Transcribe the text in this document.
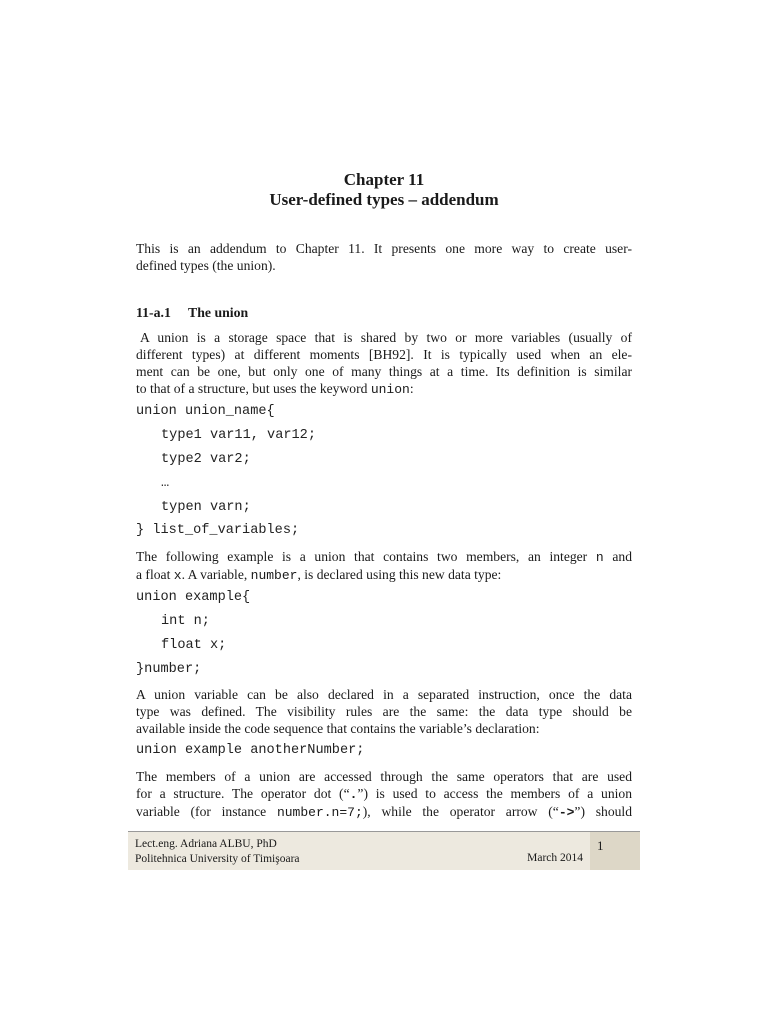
Chapter 11
User-defined types – addendum
This is an addendum to Chapter 11. It presents one more way to create user-
defined types (the union).
11-a.1 The union
A union is a storage space that is shared by two or more variables (usually of
different types) at different moments [BH92]. It is typically used when an ele-
ment can be one, but only one of many things at a time. Its definition is similar
to that of a structure, but uses the keyword union:
union union_name{
type1 var11, var12;
type2 var2;
…
typen varn;
} list_of_variables;
The following example is a union that contains two members, an integer n and
a float x. A variable, number, is declared using this new data type:
union example{
int n;
float x;
}number;
A union variable can be also declared in a separated instruction, once the data
type was defined. The visibility rules are the same: the data type should be
available inside the code sequence that contains the variable’s declaration:
union example anotherNumber;
The members of a union are accessed through the same operators that are used
for a structure. The operator dot (“.”) is used to access the members of a union
variable (for instance number.n=7;), while the operator arrow (“->”) should
Lect.eng. Adriana ALBU, PhD
Politehnica University of Timişoara	March 2014
1
